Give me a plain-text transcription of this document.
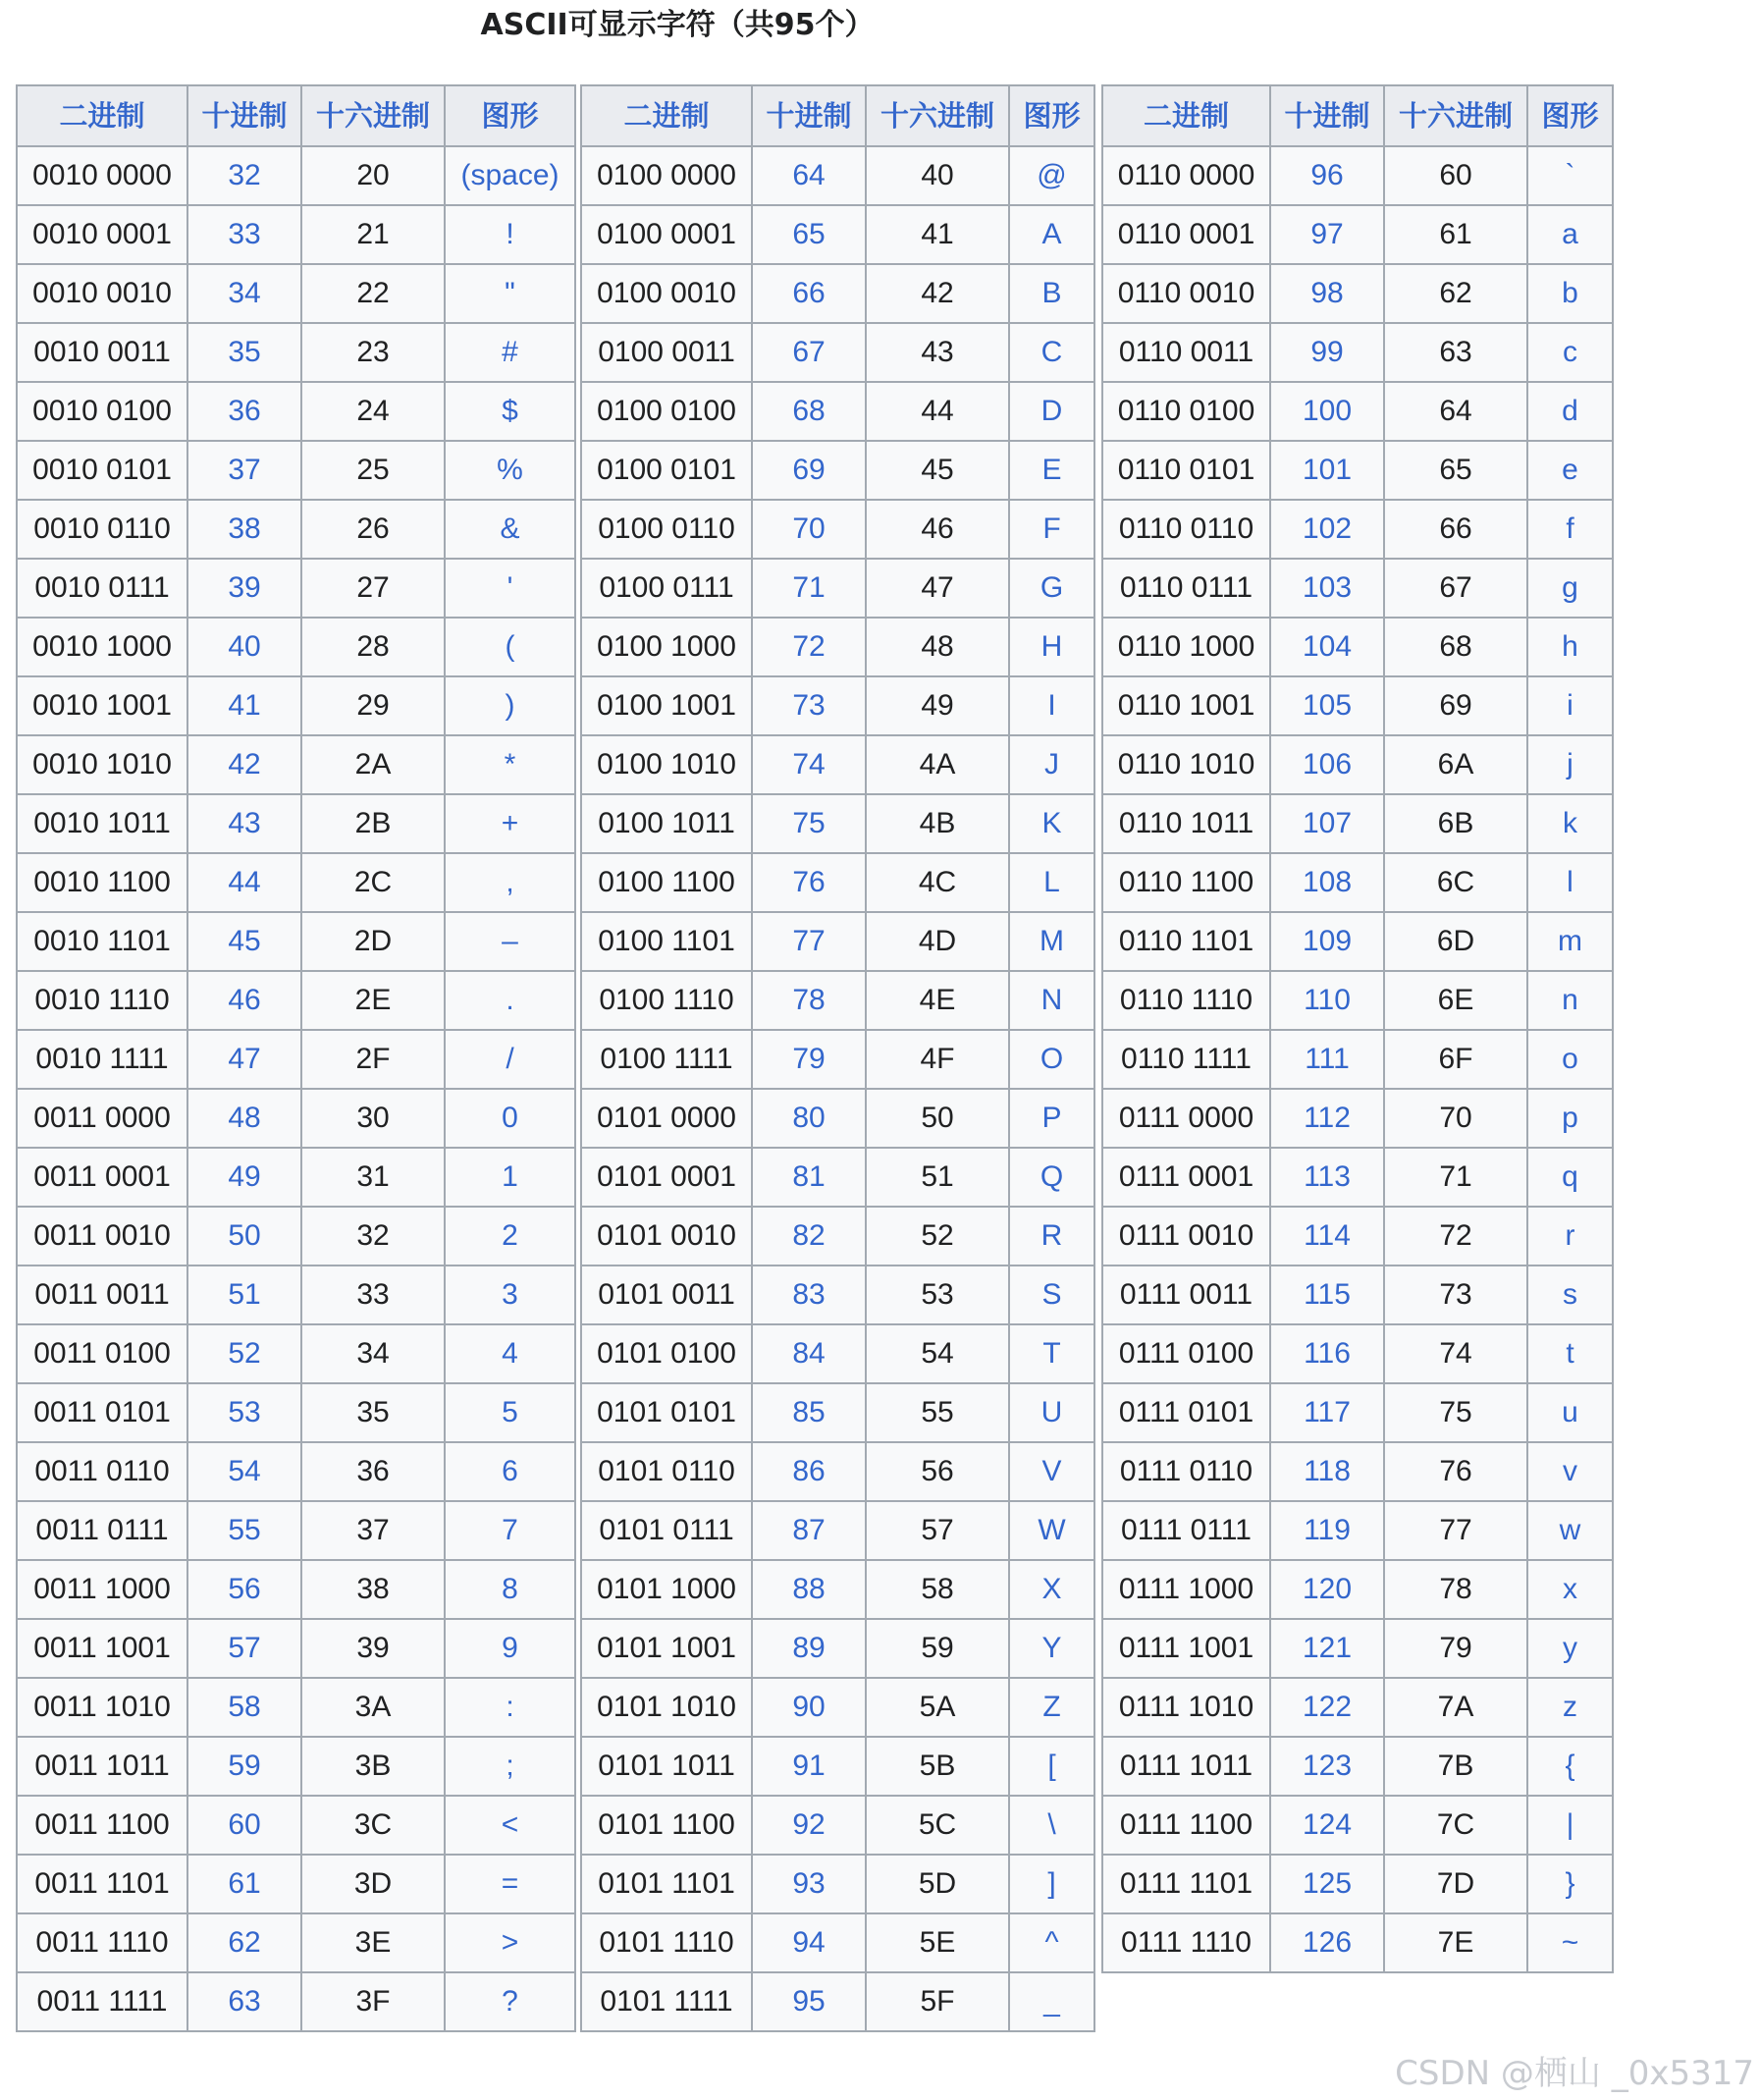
ASCII可显示字符（共95个）
二进制	十进制	十六进制	图形
0010 0000	32	20	(space)
0010 0001	33	21	!
0010 0010	34	22	"
0010 0011	35	23	#
0010 0100	36	24	$
0010 0101	37	25	%
0010 0110	38	26	&
0010 0111	39	27	'
0010 1000	40	28	(
0010 1001	41	29	)
0010 1010	42	2A	*
0010 1011	43	2B	+
0010 1100	44	2C	,
0010 1101	45	2D	–
0010 1110	46	2E	.
0010 1111	47	2F	/
0011 0000	48	30	0
0011 0001	49	31	1
0011 0010	50	32	2
0011 0011	51	33	3
0011 0100	52	34	4
0011 0101	53	35	5
0011 0110	54	36	6
0011 0111	55	37	7
0011 1000	56	38	8
0011 1001	57	39	9
0011 1010	58	3A	:
0011 1011	59	3B	;
0011 1100	60	3C	<
0011 1101	61	3D	=
0011 1110	62	3E	>
0011 1111	63	3F	?
二进制	十进制	十六进制	图形
0100 0000	64	40	@
0100 0001	65	41	A
0100 0010	66	42	B
0100 0011	67	43	C
0100 0100	68	44	D
0100 0101	69	45	E
0100 0110	70	46	F
0100 0111	71	47	G
0100 1000	72	48	H
0100 1001	73	49	I
0100 1010	74	4A	J
0100 1011	75	4B	K
0100 1100	76	4C	L
0100 1101	77	4D	M
0100 1110	78	4E	N
0100 1111	79	4F	O
0101 0000	80	50	P
0101 0001	81	51	Q
0101 0010	82	52	R
0101 0011	83	53	S
0101 0100	84	54	T
0101 0101	85	55	U
0101 0110	86	56	V
0101 0111	87	57	W
0101 1000	88	58	X
0101 1001	89	59	Y
0101 1010	90	5A	Z
0101 1011	91	5B	[
0101 1100	92	5C	\
0101 1101	93	5D	]
0101 1110	94	5E	^
0101 1111	95	5F	_
二进制	十进制	十六进制	图形
0110 0000	96	60	`
0110 0001	97	61	a
0110 0010	98	62	b
0110 0011	99	63	c
0110 0100	100	64	d
0110 0101	101	65	e
0110 0110	102	66	f
0110 0111	103	67	g
0110 1000	104	68	h
0110 1001	105	69	i
0110 1010	106	6A	j
0110 1011	107	6B	k
0110 1100	108	6C	l
0110 1101	109	6D	m
0110 1110	110	6E	n
0110 1111	111	6F	o
0111 0000	112	70	p
0111 0001	113	71	q
0111 0010	114	72	r
0111 0011	115	73	s
0111 0100	116	74	t
0111 0101	117	75	u
0111 0110	118	76	v
0111 0111	119	77	w
0111 1000	120	78	x
0111 1001	121	79	y
0111 1010	122	7A	z
0111 1011	123	7B	{
0111 1100	124	7C	|
0111 1101	125	7D	}
0111 1110	126	7E	~
CSDN @栖山 _0x5317
